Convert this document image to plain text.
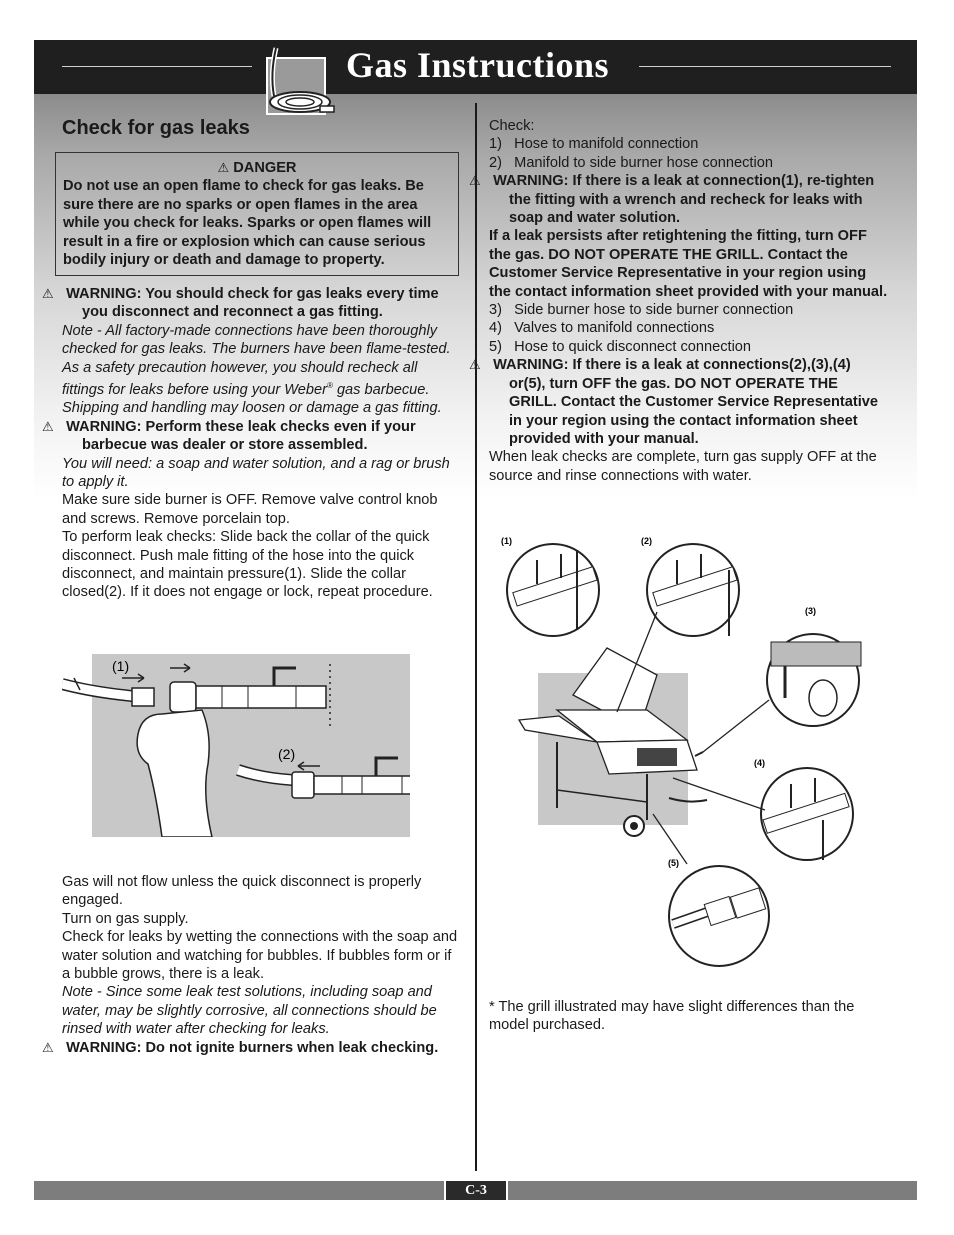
Gas Instructions
Check for gas leaks
⚠ DANGER
Do not use an open flame to check for gas leaks. Be sure there are no sparks or open flames in the area while you check for leaks. Sparks or open flames will result in a fire or explosion which can cause serious bodily injury or death and damage to property.

WARNING: You should check for gas leaks every time you disconnect and reconnect a gas fitting.

Note - All factory-made connections have been thoroughly checked for gas leaks. The burners have been flame-tested. As a safety precaution however, you should recheck all fittings for leaks before using your Weber® gas barbecue. Shipping and handling may loosen or damage a gas fitting.

WARNING: Perform these leak checks even if your barbecue was dealer or store assembled.

You will need: a soap and water solution, and a rag or brush to apply it.

Make sure side burner is OFF. Remove valve control knob and screws. Remove porcelain top.

To perform leak checks: Slide back the collar of the quick disconnect. Push male fitting of the hose into the quick disconnect, and maintain pressure(1). Slide the collar closed(2). If it does not engage or lock, repeat procedure.

(1)
(2)

Gas will not flow unless the quick disconnect is properly engaged.

Turn on gas supply.

Check for leaks by wetting the connections with the soap and water solution and watching for bubbles. If bubbles form or if a bubble grows, there is a leak.

Note - Since some leak test solutions, including soap and water, may be slightly corrosive, all connections should be rinsed with water after checking for leaks.

⚠ WARNING: Do not ignite burners when leak checking.

Check:

1) Hose to manifold connection

2) Manifold to side burner hose connection

WARNING: If there is a leak at connection(1), re-tighten the fitting with a wrench and recheck for leaks with soap and water solution.

If a leak persists after retightening the fitting, turn OFF the gas. DO NOT OPERATE THE GRILL. Contact the Customer Service Representative in your region using the contact information sheet provided with your manual.

3) Side burner hose to side burner connection

4) Valves to manifold connections

5) Hose to quick disconnect connection

WARNING: If there is a leak at connections(2),(3),(4) or(5), turn OFF the gas. DO NOT OPERATE THE GRILL. Contact the Customer Service Representative in your region using the contact information sheet provided with your manual.

When leak checks are complete, turn gas supply OFF at the source and rinse connections with water.

(1)	(2)
(3)
(4)
(5)
* The grill illustrated may have slight differences than the model purchased.
C-3
